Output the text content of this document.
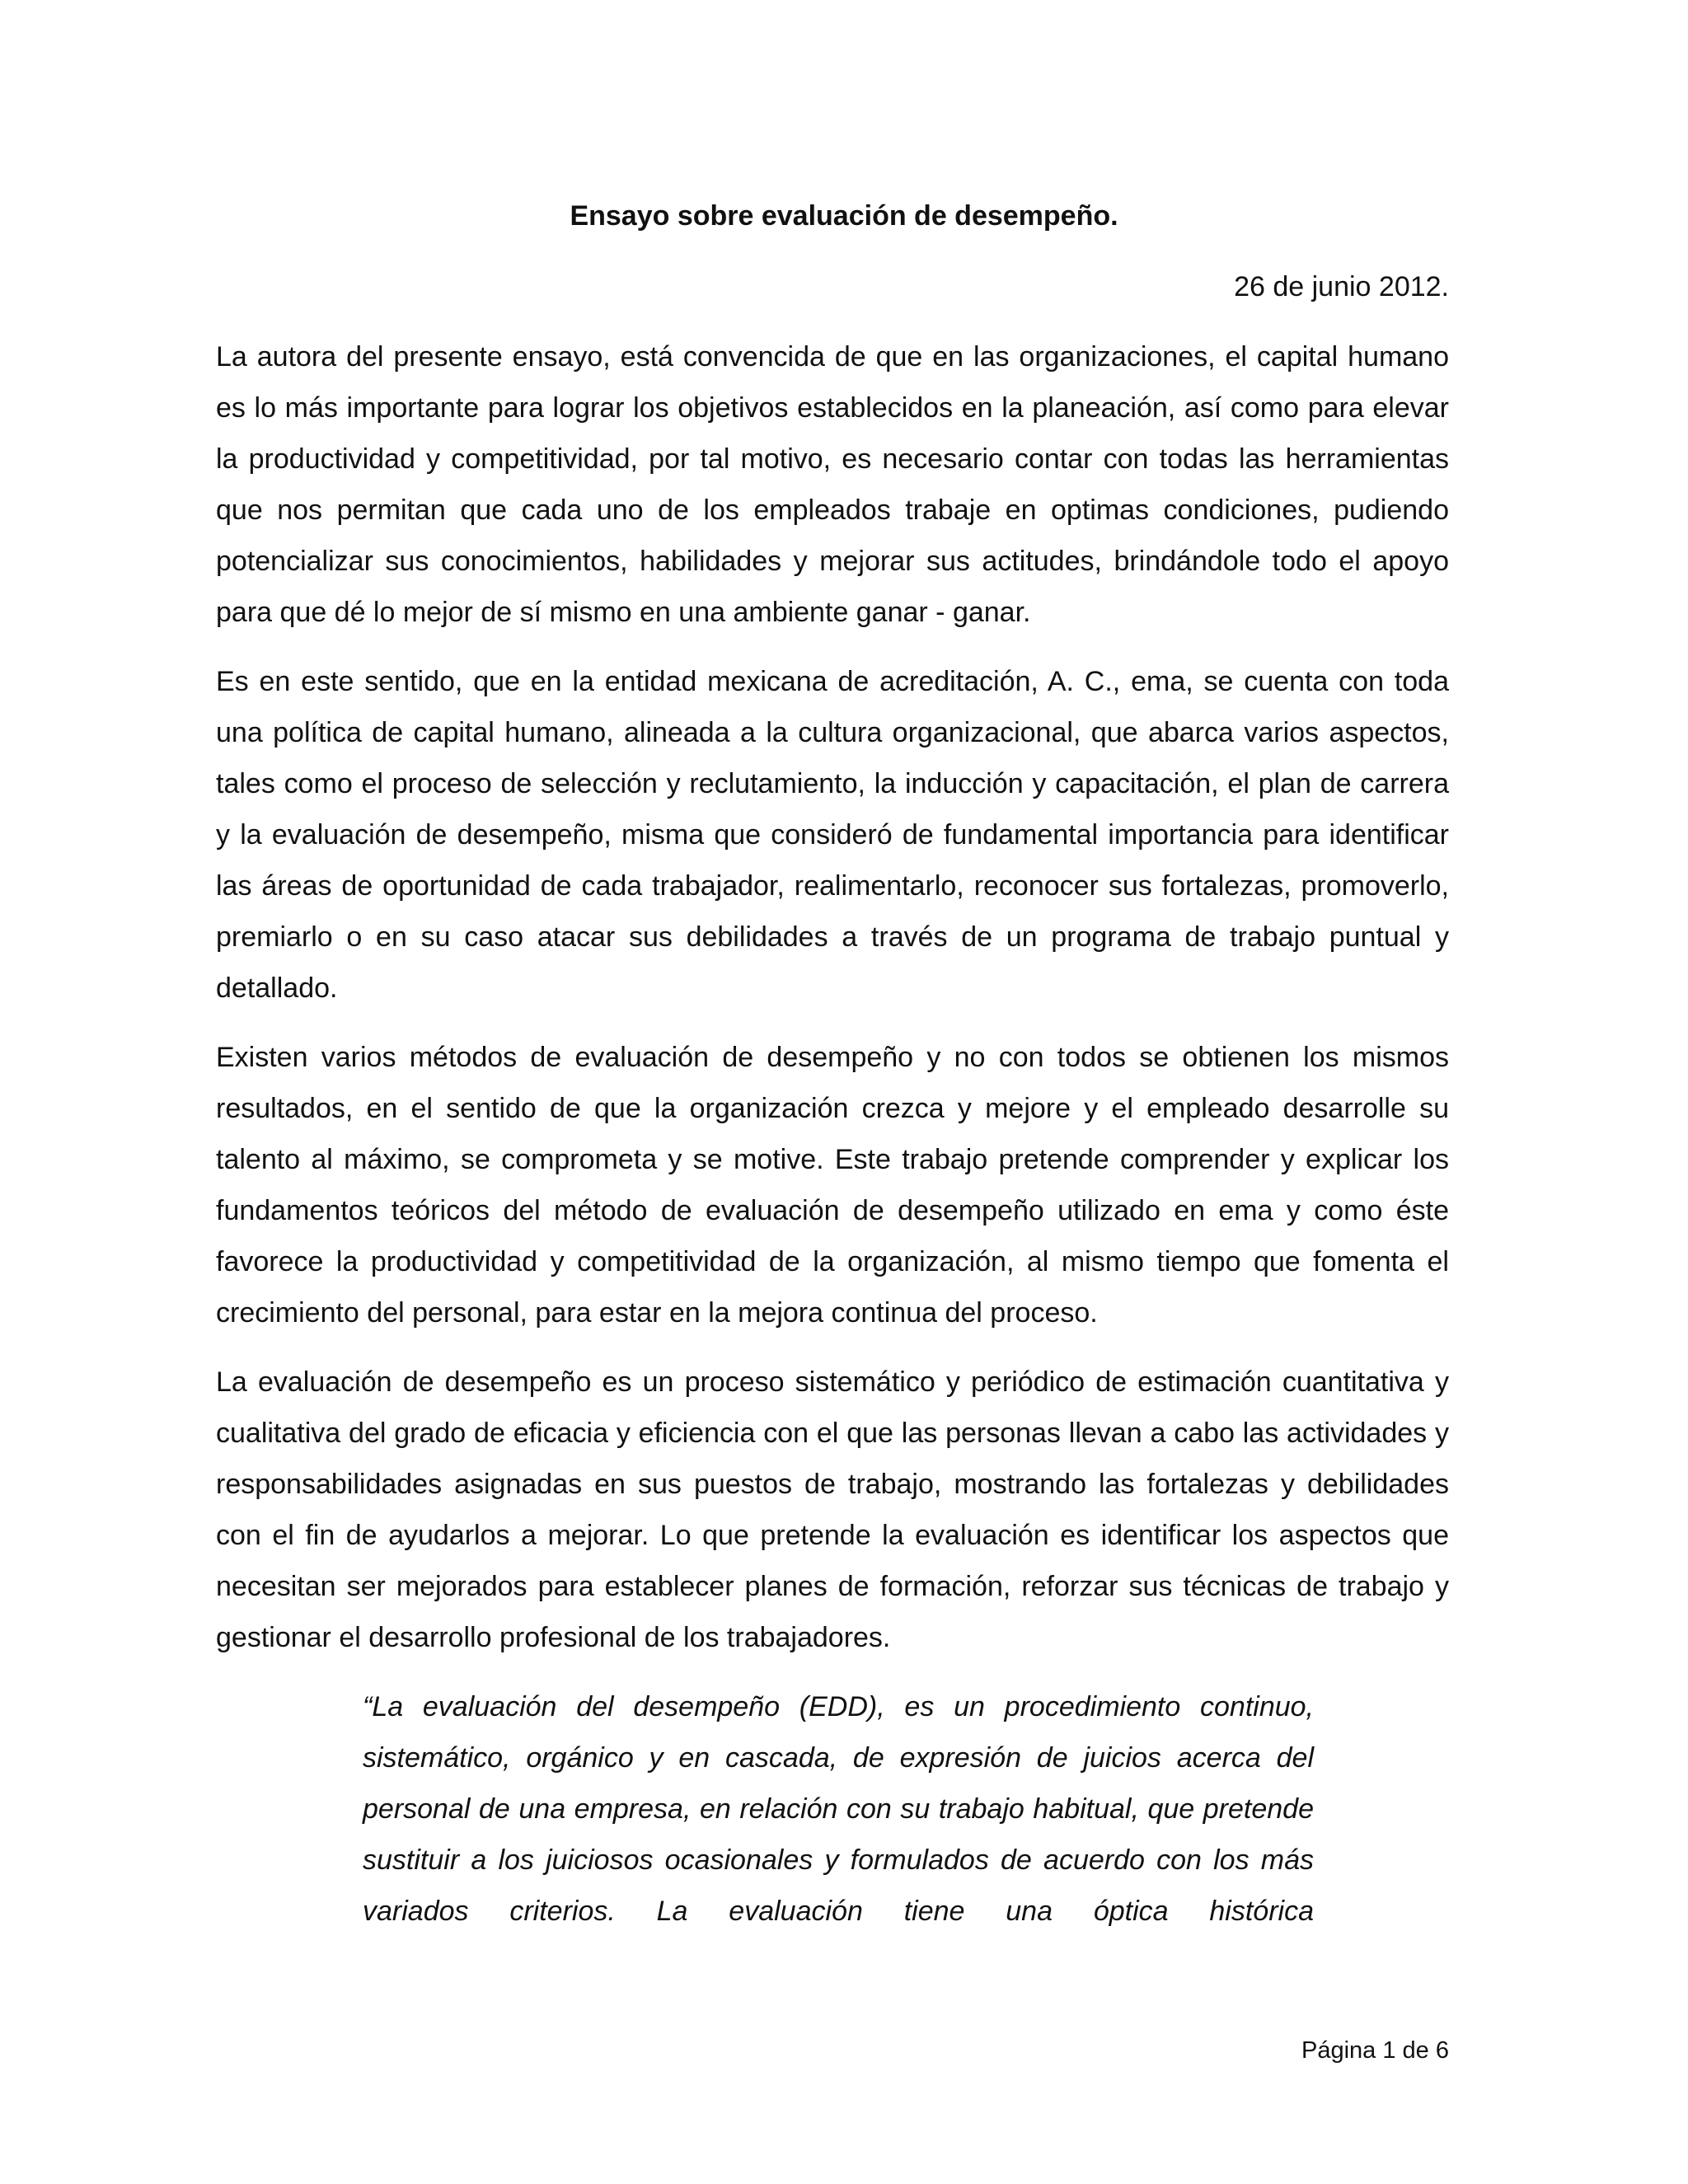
Ensayo sobre evaluación de desempeño.

26 de junio 2012.

La autora del presente ensayo, está convencida de que en las organizaciones, el capital humano es lo más importante para lograr los objetivos establecidos en la planeación, así como para elevar la productividad y competitividad, por tal motivo, es necesario contar con todas las herramientas que nos permitan que cada uno de los empleados trabaje en optimas condiciones, pudiendo potencializar sus conocimientos, habilidades y mejorar sus actitudes, brindándole todo el apoyo para que dé lo mejor de sí mismo en una ambiente ganar - ganar.

Es en este sentido, que en la entidad mexicana de acreditación, A. C., ema, se cuenta con toda una política de capital humano, alineada a la cultura organizacional, que abarca varios aspectos, tales como el proceso de selección y reclutamiento, la inducción y capacitación, el plan de carrera y la evaluación de desempeño, misma que consideró de fundamental importancia para identificar las áreas de oportunidad de cada trabajador, realimentarlo, reconocer sus fortalezas, promoverlo, premiarlo o en su caso atacar sus debilidades a través de un programa de trabajo puntual y detallado.

Existen varios métodos de evaluación de desempeño y no con todos se obtienen los mismos resultados, en el sentido de que la organización crezca y mejore y el empleado desarrolle su talento al máximo, se comprometa y se motive. Este trabajo pretende comprender y explicar los fundamentos teóricos del método de evaluación de desempeño utilizado en ema y como éste favorece la productividad y competitividad de la organización, al mismo tiempo que fomenta el crecimiento del personal, para estar en la mejora continua del proceso.

La evaluación de desempeño es un proceso sistemático y periódico de estimación cuantitativa y cualitativa del grado de eficacia y eficiencia con el que las personas llevan a cabo las actividades y responsabilidades asignadas en sus puestos de trabajo, mostrando las fortalezas y debilidades con el fin de ayudarlos a mejorar. Lo que pretende la evaluación es identificar los aspectos que necesitan ser mejorados para establecer planes de formación, reforzar sus técnicas de trabajo y gestionar el desarrollo profesional de los trabajadores.

“La evaluación del desempeño (EDD), es un procedimiento continuo, sistemático, orgánico y en cascada, de expresión de juicios acerca del personal de una empresa, en relación con su trabajo habitual, que pretende sustituir a los juiciosos ocasionales y formulados de acuerdo con los más variados criterios. La evaluación tiene una óptica histórica

Página 1 de 6
